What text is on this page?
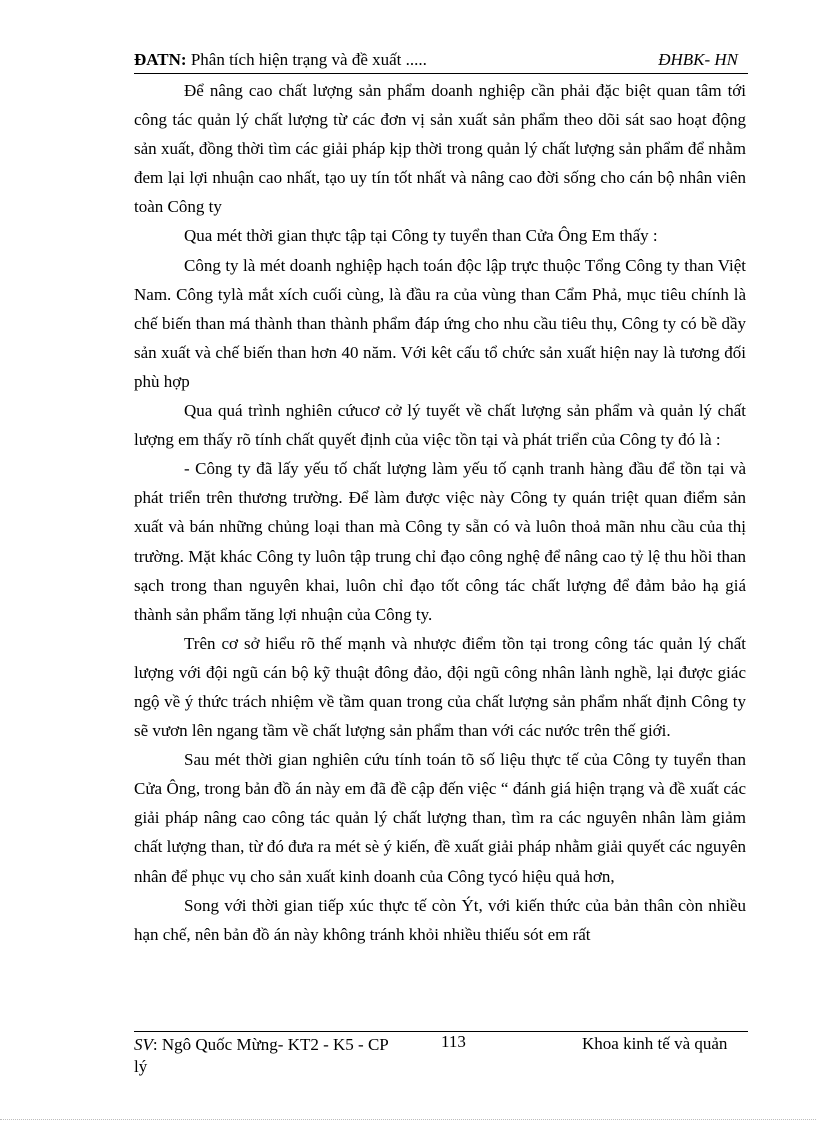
ĐATN: Phân tích hiện trạng và đề xuất .....	ĐHBK- HN

Để nâng cao chất lượng sản phẩm doanh nghiệp cần phải đặc biệt quan tâm tới công tác quản lý chất lượng từ các đơn vị sản xuất sản phẩm theo dõi sát sao hoạt động sản xuất, đồng thời tìm các giải pháp kịp thời trong quản lý chất lượng sản phẩm để nhằm đem lại lợi nhuận cao nhất, tạo uy tín tốt nhất và nâng cao đời sống cho cán bộ nhân viên toàn Công ty

Qua mét thời gian thực tập tại Công ty tuyển than Cửa Ông Em thấy :

Công ty là mét doanh nghiệp hạch toán độc lập trực thuộc Tổng Công ty than Việt Nam. Công tylà mắt xích cuối cùng, là đầu ra của vùng than Cẩm Phả, mục tiêu chính là chế biến than má thành than thành phẩm đáp ứng cho nhu cầu tiêu thụ, Công ty có bề dầy sản xuất và chế biến than hơn 40 năm. Với kêt cấu tổ chức sản xuất hiện nay là tương đối phù hợp

Qua quá trình nghiên cứucơ cở lý tuyết về chất lượng sản phẩm và quản lý chất lượng em thấy rõ tính chất quyết định của việc tồn tại và phát triển của Công ty đó là :

- Công ty đã lấy yếu tố chất lượng làm yếu tố cạnh tranh hàng đầu để tồn tại và phát triển trên thương trường. Để làm được việc này Công ty quán triệt quan điểm sản xuất và bán những chủng loại than mà Công ty sẵn có và luôn thoả mãn nhu cầu của thị trường. Mặt khác Công ty luôn tập trung chỉ đạo công nghệ để nâng cao tỷ lệ thu hồi than sạch trong than nguyên khai, luôn chỉ đạo tốt công tác chất lượng để đảm bảo hạ giá thành sản phẩm tăng lợi nhuận của Công ty.

Trên cơ sở hiểu rõ thế mạnh và nhược điểm tồn tại trong công tác quản lý chất lượng với đội ngũ cán bộ kỹ thuật đông đảo, đội ngũ công nhân lành nghề, lại được giác ngộ về ý thức trách nhiệm về tầm quan trong của chất lượng sản phẩm nhất định Công ty sẽ vươn lên ngang tầm về chất lượng sản phẩm than với các nước trên thế giới.

Sau mét thời gian nghiên cứu tính toán tõ số liệu thực tế của Công ty tuyển than Cửa Ông, trong bản đồ án này em đã đề cập đến việc “ đánh giá hiện trạng và đề xuất các giải pháp nâng cao công tác quản lý chất lượng than, tìm ra các nguyên nhân làm giảm chất lượng than, từ đó đưa ra mét sè ý kiến, đề xuất giải pháp nhằm giải quyết các nguyên nhân để phục vụ cho sản xuất kinh doanh của Công tycó hiệu quả hơn,

Song với thời gian tiếp xúc thực tế còn Ýt, với kiến thức của bản thân còn nhiều hạn chế, nên bản đồ án này không tránh khỏi nhiều thiếu sót em rất

SV: Ngô Quốc Mừng- KT2 - K5 - CP
lý
113	Khoa kinh tế và quản
